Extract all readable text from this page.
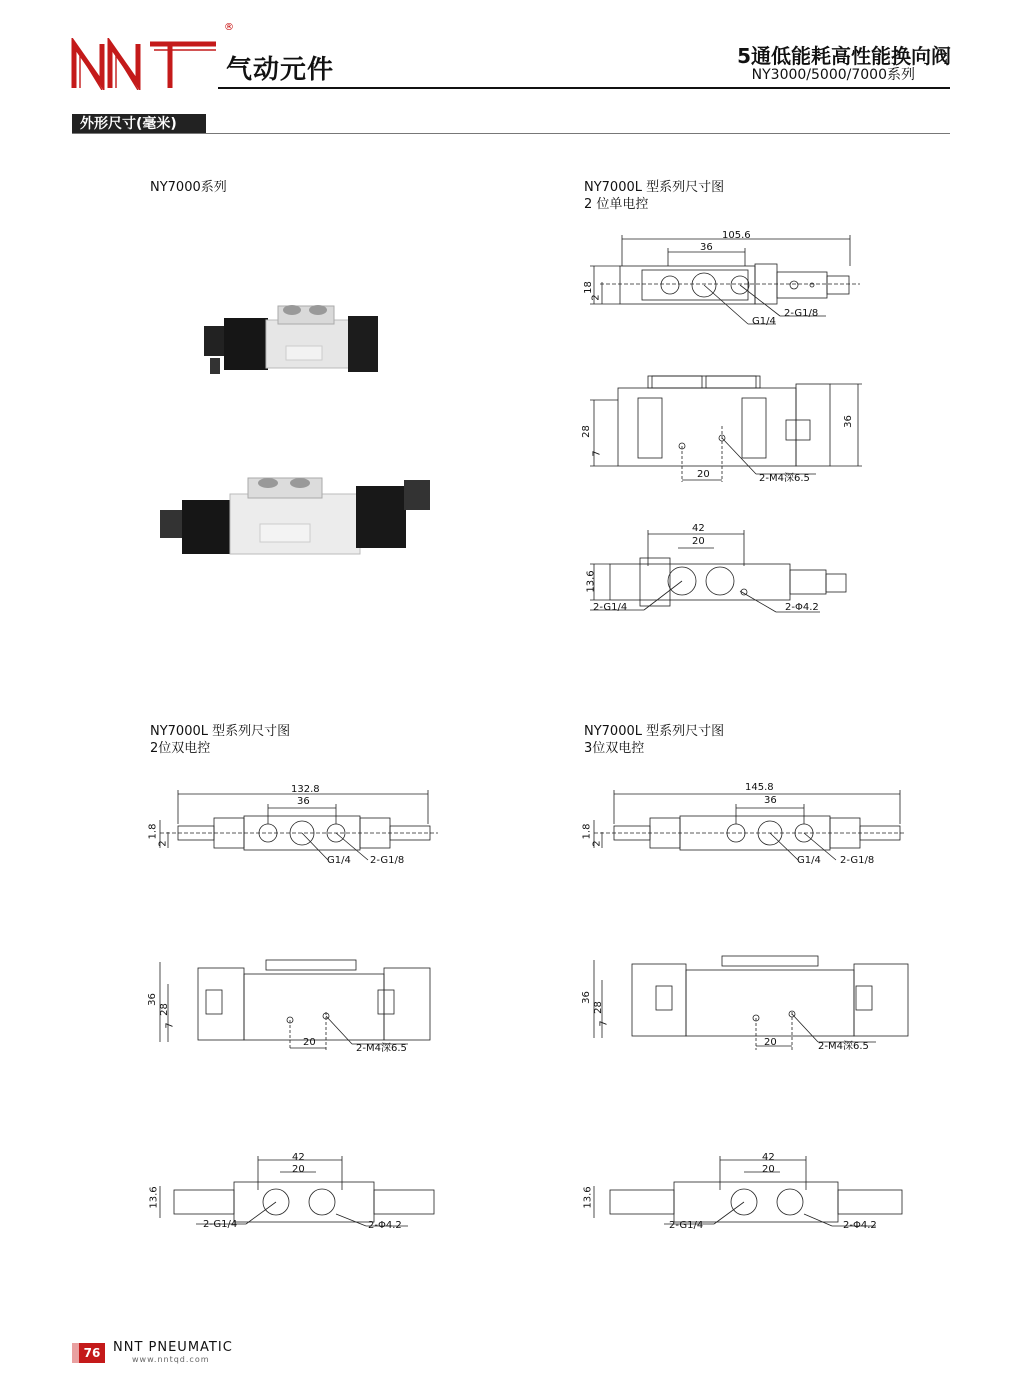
®
气动元件	5通低能耗高性能换向阀
NY3000/5000/7000系列
外形尺寸(毫米)
NY7000系列	NY7000L 型系列尺寸图
2 位单电控
105.6
36
18
2
2-G1/8
G1/4
28
7
36
20	2-M4深6.5
42
20
13.6
2-G1/4	2-Φ4.2
NY7000L 型系列尺寸图
2位双电控
132.8
36
1.8
2
G1/4 2-G1/8
36
28
7
20
2-M4深6.5
42
20
13.6
2-G1/4	2-Φ4.2
NY7000L 型系列尺寸图
3位双电控
145.8
36
1.8
2
G1/4 2-G1/8
36
28
7
20	2-M4深6.5
42
20
13.6
2-G1/4	2-Φ4.2
76 NNT PNEUMATIC
www.nntqd.com
